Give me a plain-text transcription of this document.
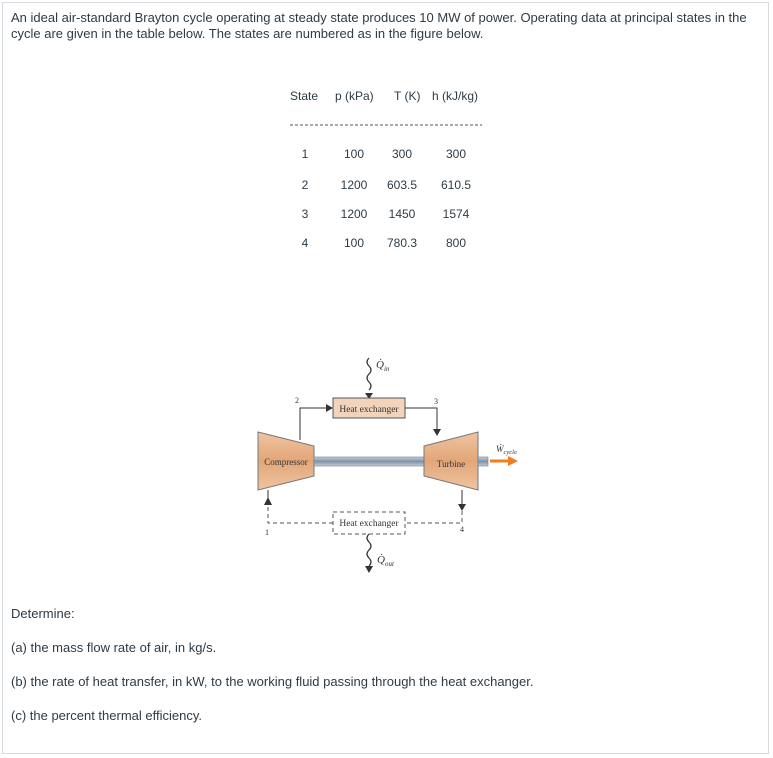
An ideal air-standard Brayton cycle operating at steady state produces 10 MW of power. Operating data at principal states in the cycle are given in the table below. The states are numbered as in the figure below.
State p (kPa) T (K) h (kJ/kg)
1	100 300	300
2	1200 603.5 610.5
3	1200 1450 1574
4	100 780.3 800
$Q̇_{in}$
Heat exchanger
2	3
Compressor	Turbine
Ẇ$_{cycle}$
4
1
Heat exchanger
$Q̇_{out}$
Determine:
(a) the mass flow rate of air, in kg/s.
(b) the rate of heat transfer, in kW, to the working fluid passing through the heat exchanger.
(c) the percent thermal efficiency.
